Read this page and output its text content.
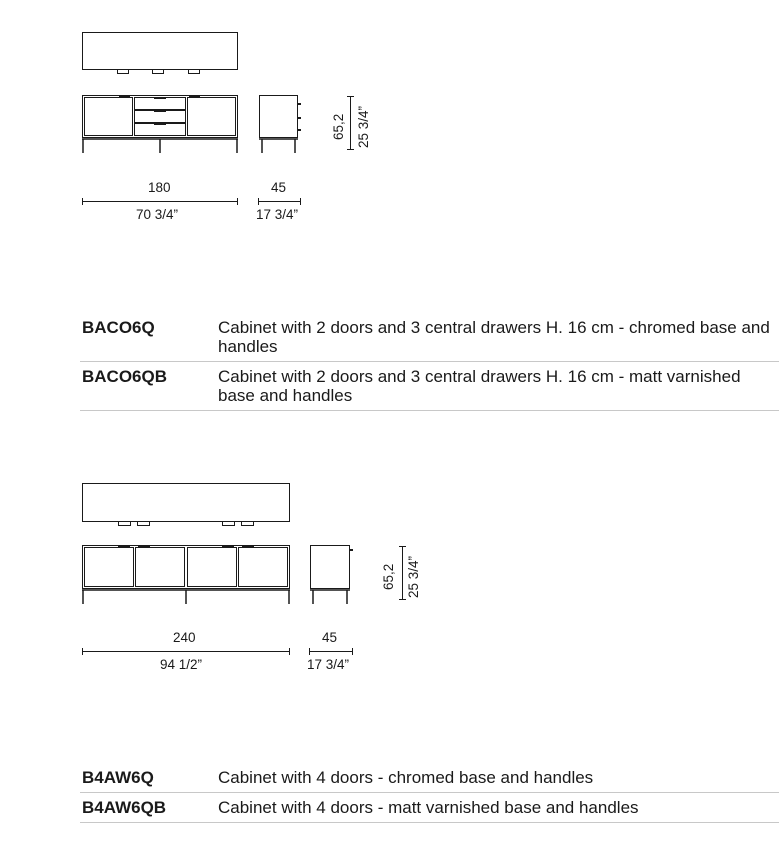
180
70 3/4”
45
17 3/4”
65,2 25 3/4”
BACO6Q	Cabinet with 2 doors and 3 central drawers H. 16 cm - chromed base and handles
BACO6QB	Cabinet with 2 doors and 3 central drawers H. 16 cm - matt varnished base and handles
240
94 1/2”
45
17 3/4”
65,2 25 3/4”
B4AW6Q	Cabinet with 4 doors - chromed base and handles
B4AW6QB	Cabinet with 4 doors - matt varnished base and handles
